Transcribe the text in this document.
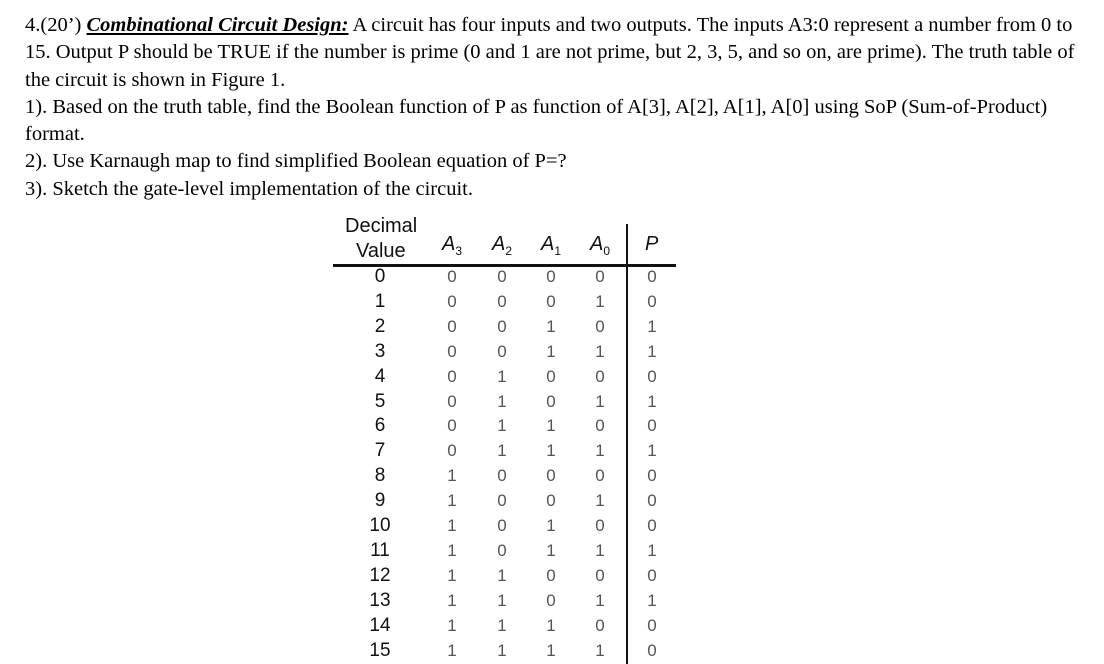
4.(20’) Combinational Circuit Design: A circuit has four inputs and two outputs. The inputs A3:0 represent a number from 0 to 15. Output P should be TRUE if the number is prime (0 and 1 are not prime, but 2, 3, 5, and so on, are prime). The truth table of the circuit is shown in Figure 1.

1). Based on the truth table, find the Boolean function of P as function of A[3], A[2], A[1], A[0] using SoP (Sum-of-Product) format.

2). Use Karnaugh map to find simplified Boolean equation of P=?

3). Sketch the gate-level implementation of the circuit.

Decimal
Value $A_3$ $A_2$ $A_1$ $A_0$ P
0	0	0	0	0	0
1	0	0	0	1	0
2	0	0	1	0	1
3	0	0	1	1	1
4	0	1	0	0	0
5	0	1	0	1	1
6	0	1	1	0	0
7	0	1	1	1	1
8	1	0	0	0	0
9	1	0	0	1	0
10	1	0	1	0	0
11	1	0	1	1	1
12	1	1	0	0	0
13	1	1	0	1	1
14	1	1	1	0	0
15	1	1	1	1	0
